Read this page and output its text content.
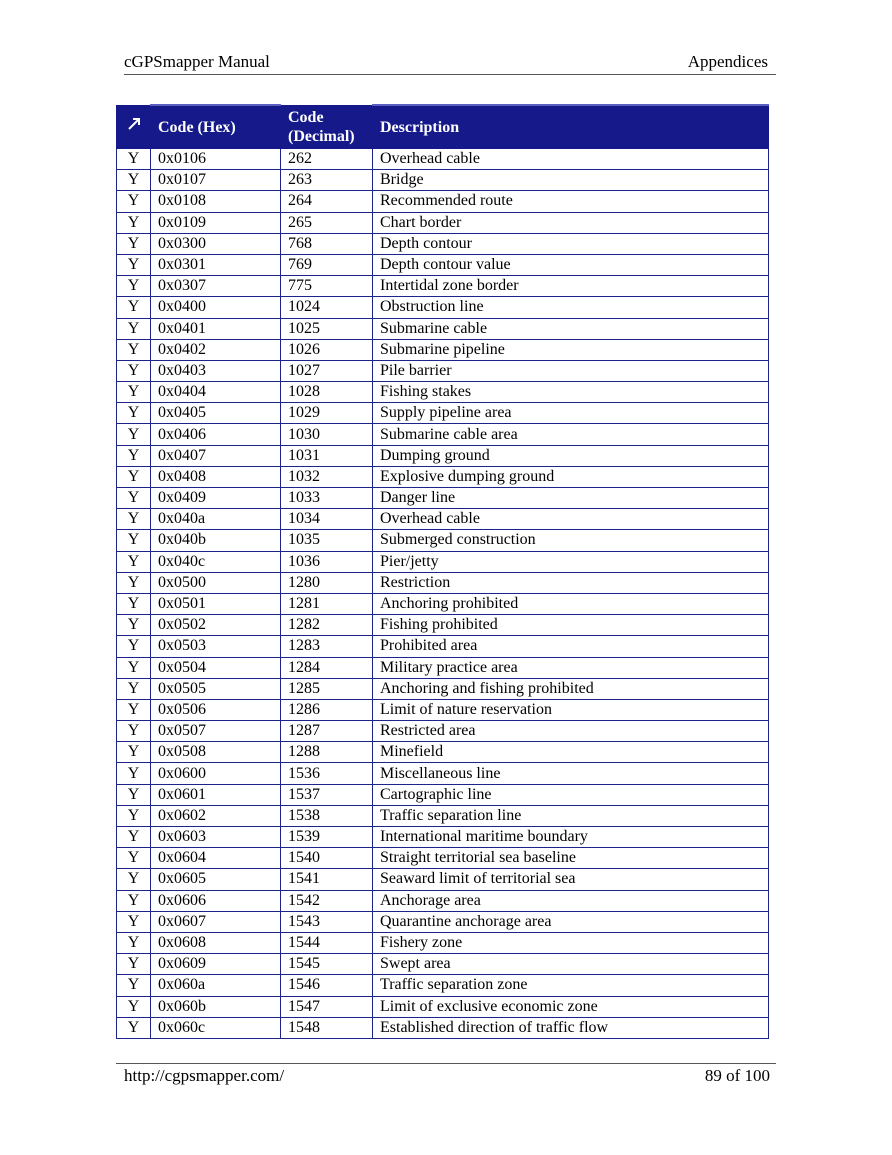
cGPSmapper Manual	Appendices
	Code (Hex)	Code (Decimal)	Description
Y	0x0106	262	Overhead cable
Y	0x0107	263	Bridge
Y	0x0108	264	Recommended route
Y	0x0109	265	Chart border
Y	0x0300	768	Depth contour
Y	0x0301	769	Depth contour value
Y	0x0307	775	Intertidal zone border
Y	0x0400	1024	Obstruction line
Y	0x0401	1025	Submarine cable
Y	0x0402	1026	Submarine pipeline
Y	0x0403	1027	Pile barrier
Y	0x0404	1028	Fishing stakes
Y	0x0405	1029	Supply pipeline area
Y	0x0406	1030	Submarine cable area
Y	0x0407	1031	Dumping ground
Y	0x0408	1032	Explosive dumping ground
Y	0x0409	1033	Danger line
Y	0x040a	1034	Overhead cable
Y	0x040b	1035	Submerged construction
Y	0x040c	1036	Pier/jetty
Y	0x0500	1280	Restriction
Y	0x0501	1281	Anchoring prohibited
Y	0x0502	1282	Fishing prohibited
Y	0x0503	1283	Prohibited area
Y	0x0504	1284	Military practice area
Y	0x0505	1285	Anchoring and fishing prohibited
Y	0x0506	1286	Limit of nature reservation
Y	0x0507	1287	Restricted area
Y	0x0508	1288	Minefield
Y	0x0600	1536	Miscellaneous line
Y	0x0601	1537	Cartographic line
Y	0x0602	1538	Traffic separation line
Y	0x0603	1539	International maritime boundary
Y	0x0604	1540	Straight territorial sea baseline
Y	0x0605	1541	Seaward limit of territorial sea
Y	0x0606	1542	Anchorage area
Y	0x0607	1543	Quarantine anchorage area
Y	0x0608	1544	Fishery zone
Y	0x0609	1545	Swept area
Y	0x060a	1546	Traffic separation zone
Y	0x060b	1547	Limit of exclusive economic zone
Y	0x060c	1548	Established direction of traffic flow
http://cgpsmapper.com/	89 of 100
